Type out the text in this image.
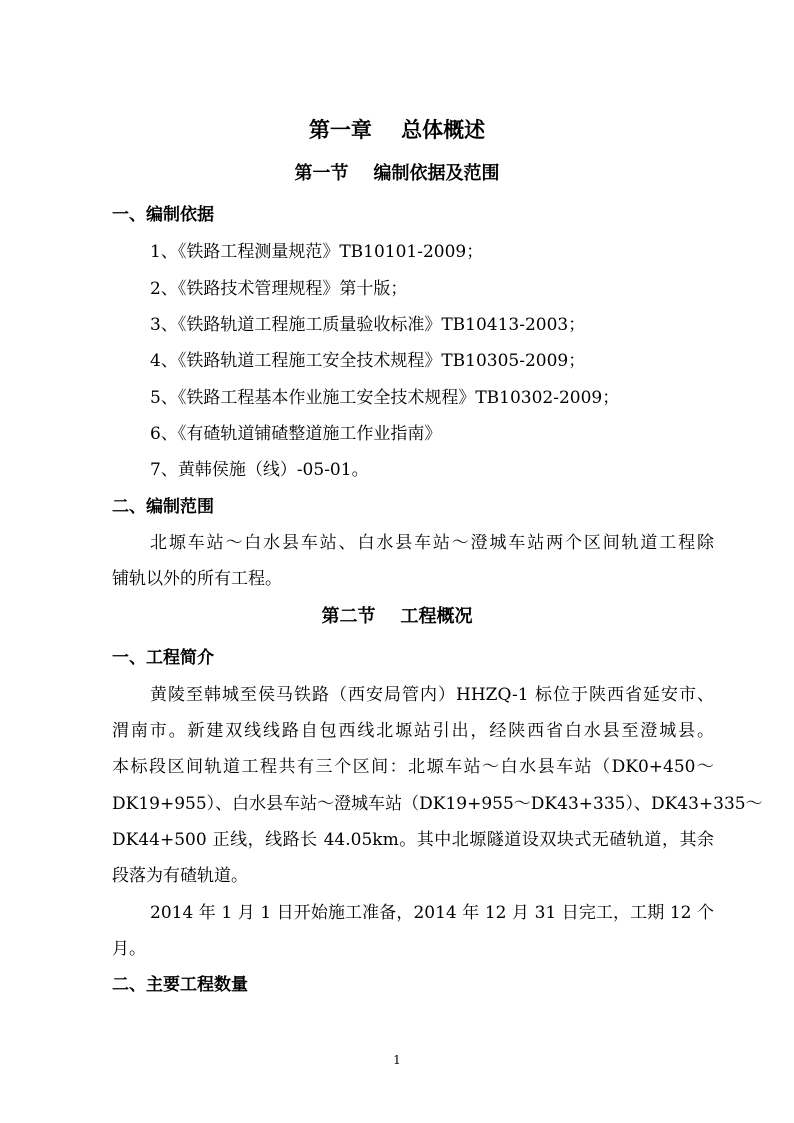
第一章    总体概述
第一节    编制依据及范围
一、编制依据
1、《铁路工程测量规范》TB10101-2009；
2、《铁路技术管理规程》第十版；
3、《铁路轨道工程施工质量验收标准》TB10413-2003；
4、《铁路轨道工程施工安全技术规程》TB10305-2009；
5、《铁路工程基本作业施工安全技术规程》TB10302-2009；
6、《有碴轨道铺碴整道施工作业指南》
7、黄韩侯施（线）-05-01。
二、编制范围
北塬车站～白水县车站、白水县车站～澄城车站两个区间轨道工程除
铺轨以外的所有工程。
第二节    工程概况
一、工程简介
黄陵至韩城至侯马铁路（西安局管内）HHZQ-1 标位于陕西省延安市、
渭南市。新建双线线路自包西线北塬站引出，经陕西省白水县至澄城县。
本标段区间轨道工程共有三个区间：北塬车站～白水县车站（DK0+450～
DK19+955）、白水县车站～澄城车站（DK19+955～DK43+335）、DK43+335～
DK44+500 正线，线路长 44.05km。其中北塬隧道设双块式无碴轨道，其余
段落为有碴轨道。
2014 年 1 月 1 日开始施工准备，2014 年 12 月 31 日完工，工期 12 个
月。
二、主要工程数量
1
